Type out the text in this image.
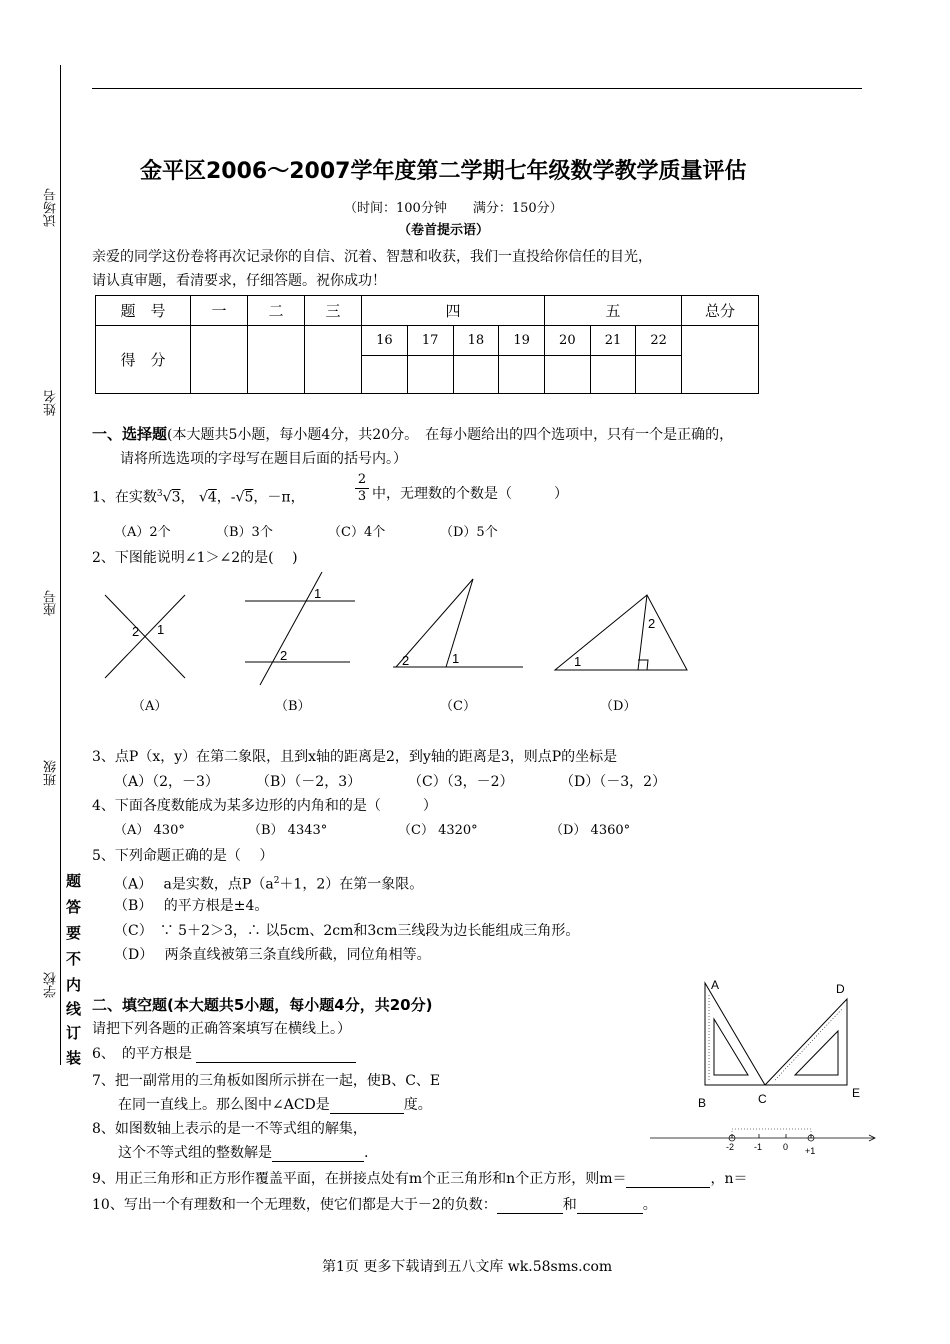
试场号
姓名
座号
班级
学校
题
答
要
不
内
线
订
装
金平区2006～2007学年度第二学期七年级数学教学质量评估
（时间：100分钟　　满分：150分）
（卷首提示语）
亲爱的同学这份卷将再次记录你的自信、沉着、智慧和收获，我们一直投给你信任的目光，
请认真审题，看清要求，仔细答题。祝你成功！
题　号	一	二	三	四				五			总分
得　分				16	17	18	19	20	21	22	

一、选择题(本大题共5小题，每小题4分，共20分。　在每小题给出的四个选项中，只有一个是正确的，
请将所选选项的字母写在题目后面的括号内。）
1、在实数$^3$√3， √4，-√5，－π，
2
3 中，无理数的个数是（　　　）
（A）2个	（B）3个	（C）4个	（D）5个
2、下图能说明∠1＞∠2的是(　 )
2 1
1
2	2	1	1
2
（A）	（B）	（C）	（D）
3、点P（x，y）在第二象限，且到x轴的距离是2，到y轴的距离是3，则点P的坐标是
（A）（2，－3）	（B）（－2，3）	（C）（3，－2）	（D）（－3，2）
4、下面各度数能成为某多边形的内角和的是（　　　）
（A） 430°	（B） 4343°	（C） 4320°	（D） 4360°
5、下列命题正确的是（　 ）
（A）　 a是实数，点$P(a^2+1$，2）在第一象限。
（B）　 的平方根是±4。
（C）　∵ 5＋2＞3，∴ 以5cm、2cm和3cm三线段为边长能组成三角形。
（D）　 两条直线被第三条直线所截，同位角相等。
二、填空题(本大题共5小题，每小题4分，共20分)
请把下列各题的正确答案填写在横线上。）
6、　的平方根是
7、把一副常用的三角板如图所示拼在一起，使B、C、E
在同一直线上。那么图中∠ACD是	度。
8、如图数轴上表示的是一不等式组的解集，
这个不等式组的整数解是	.
9、用正三角形和正方形作覆盖平面，在拼接点处有m个正三角形和n个正方形，则m＝	，n＝
10、写出一个有理数和一个无理数，使它们都是大于－2的负数：	和	。
A
B	C
D
E
-2 -1 0 +1
第1页 更多下载请到五八文库 wk.58sms.com
